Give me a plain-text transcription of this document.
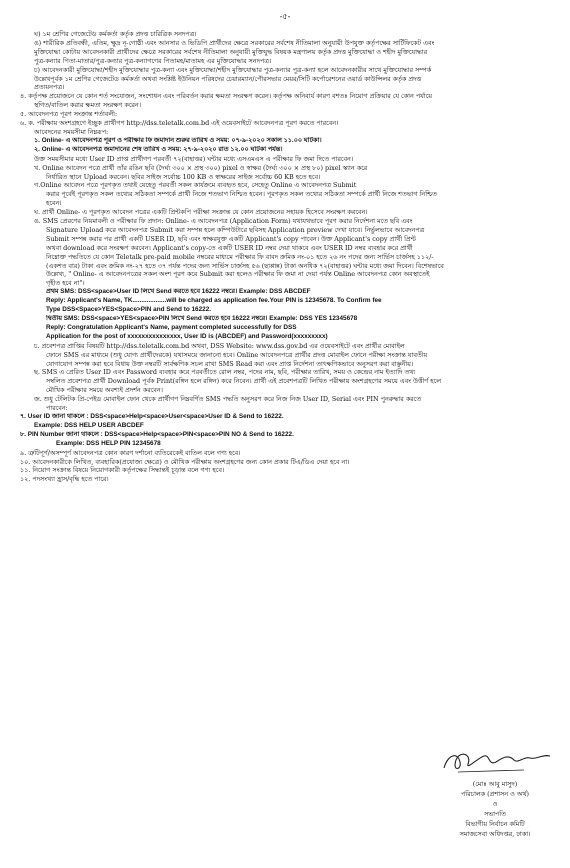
-৫-
ঘ) ১ম শ্রেণির গেজেটেড কর্মকর্তা কর্তৃক প্রদত্ত চারিত্রিক সনদপত্র।
ঙ) শারীরিক প্রতিবন্ধী, এতিম, ক্ষুদ্র নৃ-গোষ্ঠী এবং আনসার ও ভিডিপি প্রার্থীদের ক্ষেত্রে সরকারের সর্বশেষ নীতিমালা অনুযায়ী উপযুক্ত কর্তৃপক্ষের সার্টিফিকেট এবং
মুক্তিযোদ্ধা কোটায় আবেদনকারী প্রার্থীদের ক্ষেত্রে সরকারের সর্বশেষ নীতিমালা অনুযায়ী মুক্তিযুদ্ধ বিষয়ক মন্ত্রণালয় কর্তৃক প্রদত্ত মুক্তিযোদ্ধা ও শহীদ মুক্তিযোদ্ধার
পুত্র-কন্যার পিতা-মাতার/পুত্র-কন্যার পুত্র-কন্যাগণের পিতামহ/মাতামহ এর মুক্তিযোদ্ধার সনদপত্র।
চ) আবেদনকারী মুক্তিযোদ্ধা/শহীদ মুক্তিযোদ্ধার পুত্র-কন্যা এবং মুক্তিযোদ্ধা/শহীদ মুক্তিযোদ্ধার পুত্র-কন্যার পুত্র-কন্যা হলে আবেদনকারীর সাথে মুক্তিযোদ্ধার সম্পর্ক
উল্লেখপূর্বক ১ম শ্রেণির গেজেটেড কর্মকর্তা অথবা সংশ্লিষ্ট ইউনিয়ন পরিষদের চেয়ারম্যান/পৌরসভার মেয়র/সিটি কর্পোরেশনের ওয়ার্ড কাউন্সিলর কর্তৃক প্রদত্ত
প্রত্যয়নপত্র।
৪. কর্তৃপক্ষ প্রয়োজনে যে কোন শর্ত সংযোজন, সংশোধন এবং পরিবর্তন করার ক্ষমতা সংরক্ষণ করেন। কর্তৃপক্ষ অনিবার্য কারণ বশতঃ নিয়োগ প্রক্রিয়ার যে কোন পর্যায়ে
স্থগিত/বাতিল করার ক্ষমতা সংরক্ষণ করেন।
৫. আবেদনপত্র পূরণ সংক্রান্ত শর্তাবলী:
৬. ক. পরীক্ষায় অংশগ্রহণে ইচ্ছুক প্রার্থীগণ http://dss.teletalk.com.bd এই ওয়েবসাইটে আবেদনপত্র পূরণ করতে পারবেন।
আবেদনের সময়সীমা নিম্নরূপ:
১. Online- এ আবেদনপত্র পূরণ ও পরীক্ষার ফি জমাদান শুরুর তারিখ ও সময়: ০৭-৯-২০২০ সকাল ১১.০০ ঘটিকা।
২. Online- এ আবেদনপত্র জমাদানের শেষ তারিখ ও সময়: ২৭-৯-২০২০ রাত ১২.০০ ঘটিকা পর্যন্ত।
উক্ত সময়সীমার মধ্যে User ID প্রাপ্ত প্রার্থীগণ পরবর্তী ৭২(বাহাত্তর) ঘন্টার মধ্যে এসএমএস এ পরীক্ষার ফি জমা দিতে পারবেন।
খ. Online আবেদন পত্রে প্রার্থী তাঁর রঙিন ছবি (দৈর্ঘ্য ৩০০ × প্রস্থ ৩০০) pixel ও স্বাক্ষর (দৈর্ঘ্য ৩০০ × প্রস্থ ৮০) pixel স্ক্যান করে
নির্ধারিত স্থানে Upload করবেন। ছবির সাইজ সর্বোচ্চ 100 KB ও স্বাক্ষরের সাইজ সর্বোচ্চ 60 KB হতে হবে।
গ.Online আবেদন পত্রে পূরণকৃত তথ্যই যেহেতু পরবর্তী সকল কার্যক্রমে ব্যবহৃত হবে, সেহেতু Online এ আবেদনপত্র Submit
করার পূর্বেই পূরণকৃত সকল তথ্যের সঠিকতা সম্পর্কে প্রার্থী নিজে শতভাগ নিশ্চিত হবেন। পূরণকৃত সকল তথ্যের সঠিকতা সম্পর্কে প্রার্থী নিজে শতভাগ নিশ্চিত
হবেন।
ঘ. প্রার্থী Online- এ পূরণকৃত আবেদন পত্রের একটি প্রিন্টকপি পরীক্ষা সংক্রান্ত যে কোন প্রয়োজনের সহায়ক হিসেবে সংরক্ষণ করবেন।
ঙ. SMS প্রেরণের নিয়মাবলী ও পরীক্ষার ফি প্রদান: Online- এ আবেদনপত্র (Application Form) যথাযথভাবে পূরণ করার নির্দেশনা মতে ছবি এবং
Signature Upload করে আবেদনপত্র Submit করা সম্পন্ন হলে কম্পিউটারে ছবিসহ Application preview দেখা যাবে। নির্ভুলভাবে আবেদনপত্র
Submit সম্পন্ন করার পর প্রার্থী একটি USER ID, ছবি এবং স্বাক্ষরযুক্ত একটি Applicant's copy পাবেন। উক্ত Applicant's copy প্রার্থী প্রিন্ট
অথবা download করে সংরক্ষণ করবেন। Applicant's copy-তে একটি USER ID নম্বর দেয়া থাকবে এবং USER ID নম্বর ব্যবহার করে প্রার্থী
নিম্নোক্ত পদ্ধতিতে যে কোন Teletalk pre-paid mobile নম্বরের মাধ্যমে পরীক্ষার ফি বাবদ ক্রমিক নং-০১ হতে ২৬ নং পদের জন্য সার্ভিস চার্জসহ ১১২/-
(একশত বার) টাকা এবং ক্রমিক নং-২৭ হতে ৩৭ পর্যন্ত পদের জন্য সার্ভিস চার্জসহ ৫৬ (ছাপ্পান্ন) টাকা অনধিক ৭২(বাহাত্তর) ঘন্টার মধ্যে জমা দিবেন। বিশেষভাবে
উল্লেখ্য, " Online- এ আবেদনপত্রের সকল অংশ পূরণ করে Submit করা হলেও পরীক্ষার ফি জমা না দেয়া পর্যন্ত Online আবেদনপত্র কোন অবস্থাতেই
গৃহীত হবে না"।
প্রথম SMS: DSS<space>User ID লিখে Send করতে হবে 16222 নম্বরে। Example: DSS ABCDEF
Reply: Applicant's Name, TK...................will be charged as application fee.Your PIN is 12345678. To Confirm fee
Type DSS<Space>YES<Space>PIN and Send to 16222.
দ্বিতীয় SMS: DSS<space>YES<space>PIN লিখে Send করতে হবে 16222 নম্বরে। Example: DSS YES 12345678
Reply: Congratulation Applicant's Name, payment completed successfully for DSS
Application for the post of xxxxxxxxxxxxxxx, User ID is (ABCDEF) and Password(xxxxxxxxx)
চ. প্রবেশপত্র প্রাপ্তির বিষয়টি http://dss.teletalk.com.bd অথবা, DSS Website: www.dss.gov.bd এর ওয়েবসাইটে এবং প্রার্থীর মোবাইল
ফোনে SMS এর মাধ্যমে (শুধু যোগ্য প্রার্থীদেরকে) যথাসময়ে জানানো হবে। Online আবেদনপত্রে প্রার্থীর প্রদত্ত মোবাইল ফোনে পরীক্ষা সংক্রান্ত যাবতীয়
যোগাযোগ সম্পন্ন করা হবে বিধায় উক্ত নম্বরটি সার্বক্ষণিক সচল রাখা SMS Read করা এবং প্রাপ্ত নির্দেশনা তাৎক্ষণিকভাবে অনুসরণ করা বাঞ্ছনীয়।
ছ. SMS এ প্রেরিত User ID এবং Password ব্যবহার করে পরবর্তীতে রোল নম্বর, পদের নাম, ছবি, পরীক্ষার তারিখ, সময় ও কেন্দ্রের নাম ইত্যাদি তথ্য
সম্বলিত প্রবেশপত্র প্রার্থী Download পূর্বক Print(রঙ্গিন হলে রঙ্গিন) করে নিবেন। প্রার্থী এই প্রবেশপত্রটি লিখিত পরীক্ষায় অংশগ্রহণের সময়ে এবং উত্তীর্ণ হলে
মৌখিক পরীক্ষার সময়ে অবশ্যই প্রদর্শন করবেন।
জ. শুধু টেলিটক প্রি-পেইড মোবাইল ফোন থেকে প্রার্থীগণ নিম্নবর্ণিত SMS পদ্ধতি অনুসরণ করে নিজ নিজ User ID, Serial এবং PIN পুনরুদ্ধার করতে
পারবেন:
৭. User ID জানা থাকলে : DSS<space>Help<space>User<space>User ID & Send to 16222.
Example: DSS HELP USER ABCDEF
৮. PIN Number জানা থাকলে : DSS<space>Help<space>PIN<space>PIN NO & Send to 16222.
Example: DSS HELP PIN 12345678
৯. ত্রুটিপূর্ণ/অসম্পূর্ণ আবেদনপত্র কোন কারণ দর্শানো ব্যতিরেকেই বাতিল বলে গণ্য হবে।
১০. আবেদনকারীকে লিখিত, ব্যবহারিক(প্রযোজ্য ক্ষেত্রে) ও মৌখিক পরীক্ষায় অংশগ্রহণের জন্য কোন প্রকার টিএ/ডিএ দেয়া হবে না।
১১. নিয়োগ সংক্রান্ত বিষয়ে নিয়োগকারী কর্তৃপক্ষের সিদ্ধান্তই চূড়ান্ত বলে গণ্য হবে।
১২. পদসংখ্যা হ্রাস/বৃদ্ধি হতে পারে।
(মোঃ আবু মাসুদ)
পরিচালক (প্রশাসন ও অর্থ)
ও
সভাপতি
বিভাগীয় নির্বাচন কমিটি
সমাজসেবা অধিদপ্তর, ঢাকা।
